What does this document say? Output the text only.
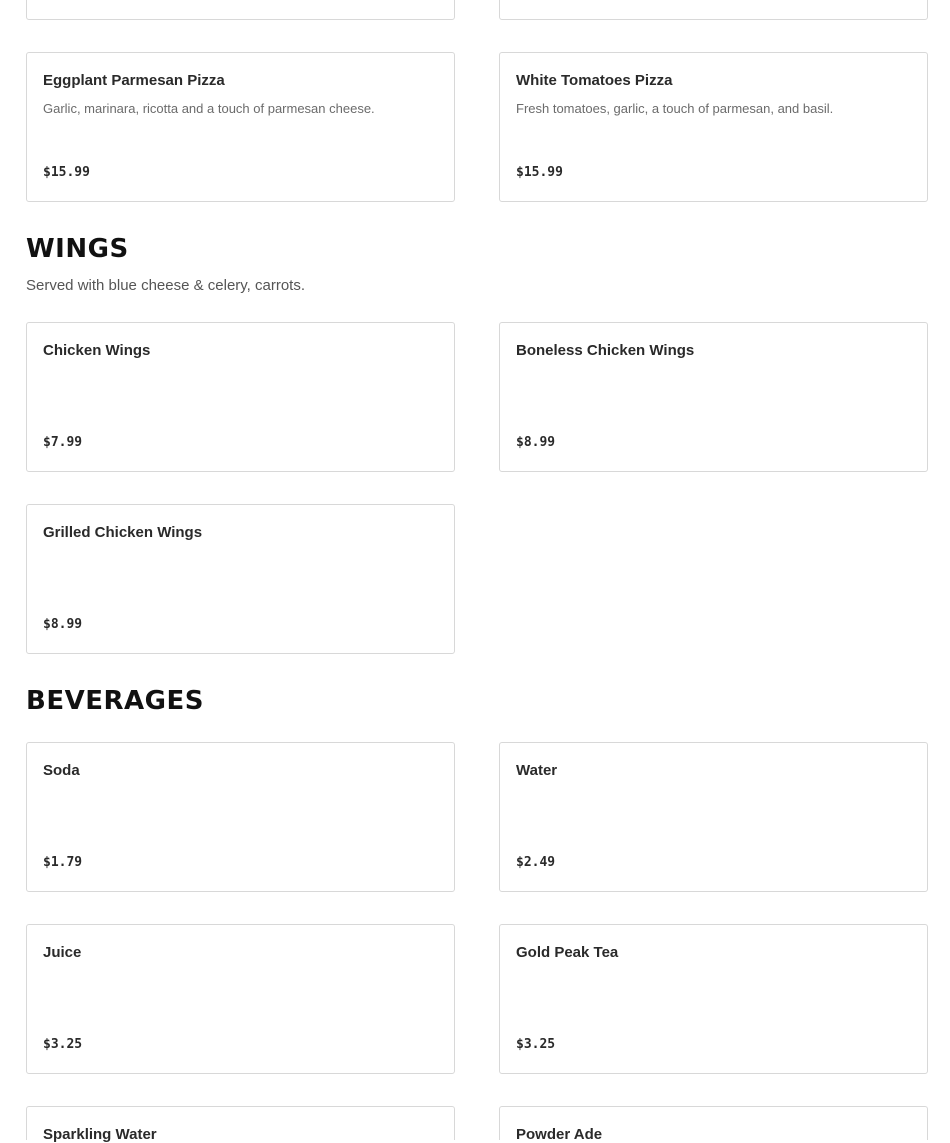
Eggplant Parmesan Pizza
Garlic, marinara, ricotta and a touch of parmesan cheese.
$15.99
White Tomatoes Pizza
Fresh tomatoes, garlic, a touch of parmesan, and basil.
$15.99
WINGS

Served with blue cheese & celery, carrots.

Chicken Wings
$7.99
Boneless Chicken Wings
$8.99
Grilled Chicken Wings
$8.99
BEVERAGES
Soda
$1.79
Water
$2.49
Juice
$3.25
Gold Peak Tea
$3.25
Sparkling Water	Powder Ade
